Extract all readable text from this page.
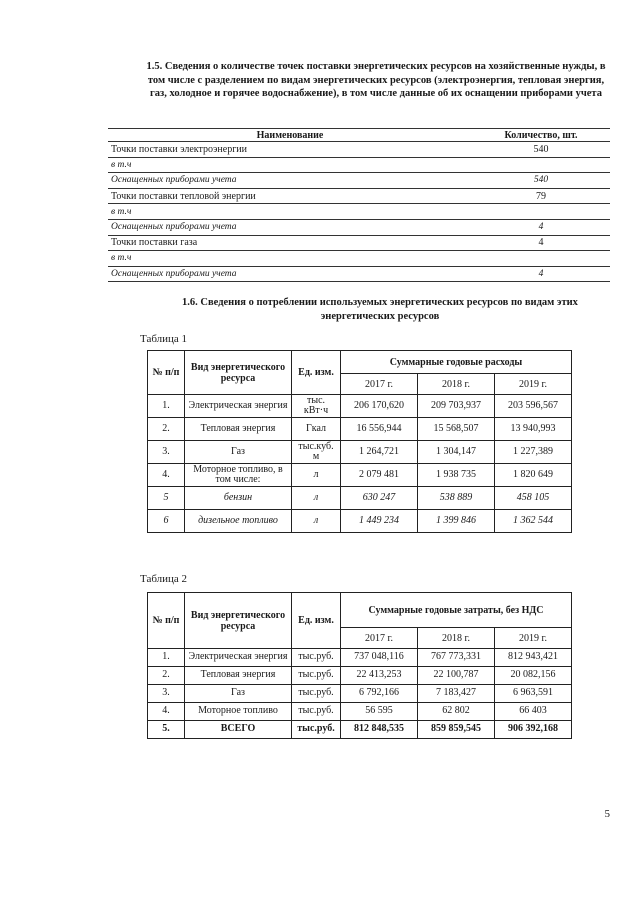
1.5. Сведения о количестве точек поставки энергетических ресурсов на хозяйственные нужды, в том числе с разделением по видам энергетических ресурсов (электроэнергия, тепловая энергия, газ, холодное и горячее водоснабжение), в том числе данные об их оснащении приборами учета
Наименование	Количество, шт.
Точки поставки электроэнергии	540
в т.ч	
Оснащенных приборами учета	540
Точки поставки тепловой энергии	79
в т.ч	
Оснащенных приборами учета	4
Точки поставки газа	4
в т.ч	
Оснащенных приборами учета	4
1.6. Сведения о потреблении используемых энергетических ресурсов по видам этих энергетических ресурсов
Таблица 1
№ п/п	Вид энергетического ресурса	Ед. изм.	Суммарные годовые расходы		
			2017 г.	2018 г.	2019 г.
1.	Электрическая энергия	тыс. кВт·ч	206 170,620	209 703,937	203 596,567
2.	Тепловая энергия	Гкал	16 556,944	15 568,507	13 940,993
3.	Газ	тыс.куб. м	1 264,721	1 304,147	1 227,389
4.	Моторное топливо, в том числе:	л	2 079 481	1 938 735	1 820 649
5	бензин	л	630 247	538 889	458 105
6	дизельное топливо	л	1 449 234	1 399 846	1 362 544
Таблица 2
№ п/п	Вид энергетического ресурса	Ед. изм.	Суммарные годовые затраты, без НДС		
			2017 г.	2018 г.	2019 г.
1.	Электрическая энергия	тыс.руб.	737 048,116	767 773,331	812 943,421
2.	Тепловая энергия	тыс.руб.	22 413,253	22 100,787	20 082,156
3.	Газ	тыс.руб.	6 792,166	7 183,427	6 963,591
4.	Моторное топливо	тыс.руб.	56 595	62 802	66 403
5.	ВСЕГО	тыс.руб.	812 848,535	859 859,545	906 392,168
5
